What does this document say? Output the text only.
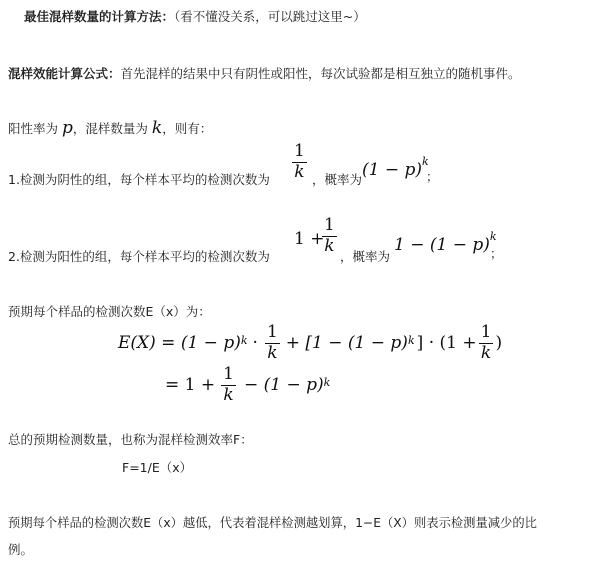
最佳混样数量的计算方法：（看不懂没关系，可以跳过这里~）
混样效能计算公式：首先混样的结果中只有阴性或阳性，每次试验都是相互独立的随机事件。
阳性率为 p，混样数量为 k，则有：
1.检测为阴性的组，每个样本平均的检测次数为 $\frac{1}{k}$ ，概率为 $(1 - p)^k$
；
2.检测为阳性的组，每个样本平均的检测次数为
1 +
$\frac{1}{k}$
，概率为
$1 - (1 - p)^k$
；
预期每个样品的检测次数E（x）为：
$E(X) = (1 - p)^k \cdot \frac{1}{k} + [1 - (1 - p)^k$ ] · ($1 + \frac{1}{k}$ )
= $1 + \frac{1}{k} - (1 - p)^k$
总的预期检测数量，也称为混样检测效率F：
F=1/E（x）
预期每个样品的检测次数E（x）越低，代表着混样检测越划算，1−E（X）则表示检测量减少的比
例。
